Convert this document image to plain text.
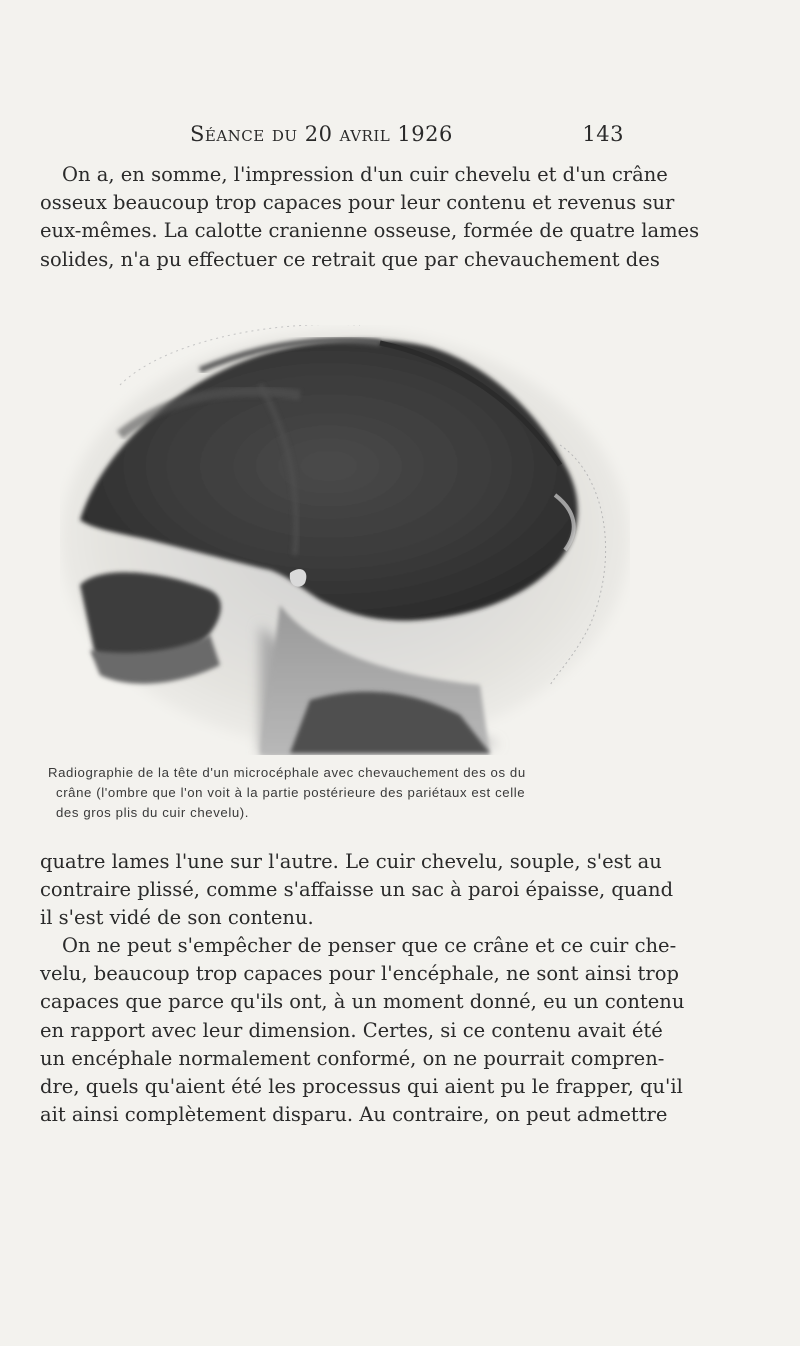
Séance du 20 avril 1926	143
On a, en somme, l'impression d'un cuir chevelu et d'un crâne
osseux beaucoup trop capaces pour leur contenu et revenus sur
eux-mêmes. La calotte cranienne osseuse, formée de quatre lames
solides, n'a pu effectuer ce retrait que par chevauchement des
Radiographie de la tête d'un microcéphale avec chevauchement des os du
crâne (l'ombre que l'on voit à la partie postérieure des pariétaux est celle
des gros plis du cuir chevelu).
quatre lames l'une sur l'autre. Le cuir chevelu, souple, s'est au
contraire plissé, comme s'affaisse un sac à paroi épaisse, quand
il s'est vidé de son contenu.
On ne peut s'empêcher de penser que ce crâne et ce cuir che-
velu, beaucoup trop capaces pour l'encéphale, ne sont ainsi trop
capaces que parce qu'ils ont, à un moment donné, eu un contenu
en rapport avec leur dimension. Certes, si ce contenu avait été
un encéphale normalement conformé, on ne pourrait compren-
dre, quels qu'aient été les processus qui aient pu le frapper, qu'il
ait ainsi complètement disparu. Au contraire, on peut admettre
